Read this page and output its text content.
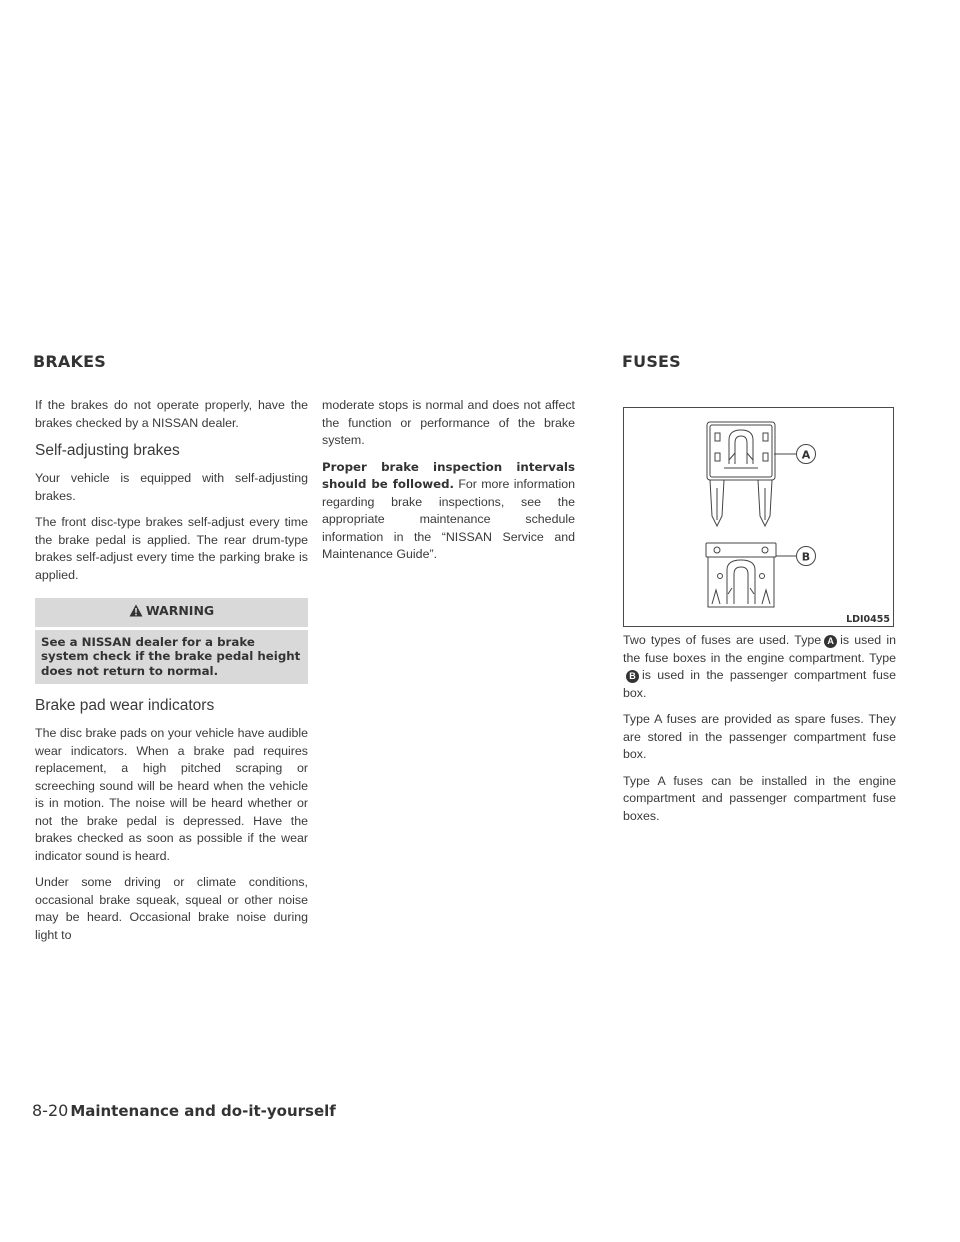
BRAKES	FUSES

If the brakes do not operate properly, have the brakes checked by a NISSAN dealer.

Self-adjusting brakes

Your vehicle is equipped with self-adjusting brakes.

The front disc-type brakes self-adjust every time the brake pedal is applied. The rear drum-type brakes self-adjust every time the parking brake is applied.

WARNING
See a NISSAN dealer for a brake system check if the brake pedal height does not return to normal.
Brake pad wear indicators

The disc brake pads on your vehicle have audible wear indicators. When a brake pad requires replacement, a high pitched scraping or screeching sound will be heard when the vehicle is in motion. The noise will be heard whether or not the brake pedal is depressed. Have the brakes checked as soon as possible if the wear indicator sound is heard.

Under some driving or climate conditions, occasional brake squeak, squeal or other noise may be heard. Occasional brake noise during light to

moderate stops is normal and does not affect the function or performance of the brake system.

Proper brake inspection intervals should be followed. For more information regarding brake inspections, see the appropriate maintenance schedule information in the “NISSAN Service and Maintenance Guide”.

A
B
LDI0455

Two types of fuses are used. Type A is used in the fuse boxes in the engine compartment. Type B is used in the passenger compartment fuse box.

Type A fuses are provided as spare fuses. They are stored in the passenger compartment fuse box.

Type A fuses can be installed in the engine compartment and passenger compartment fuse boxes.

8-20 Maintenance and do-it-yourself
